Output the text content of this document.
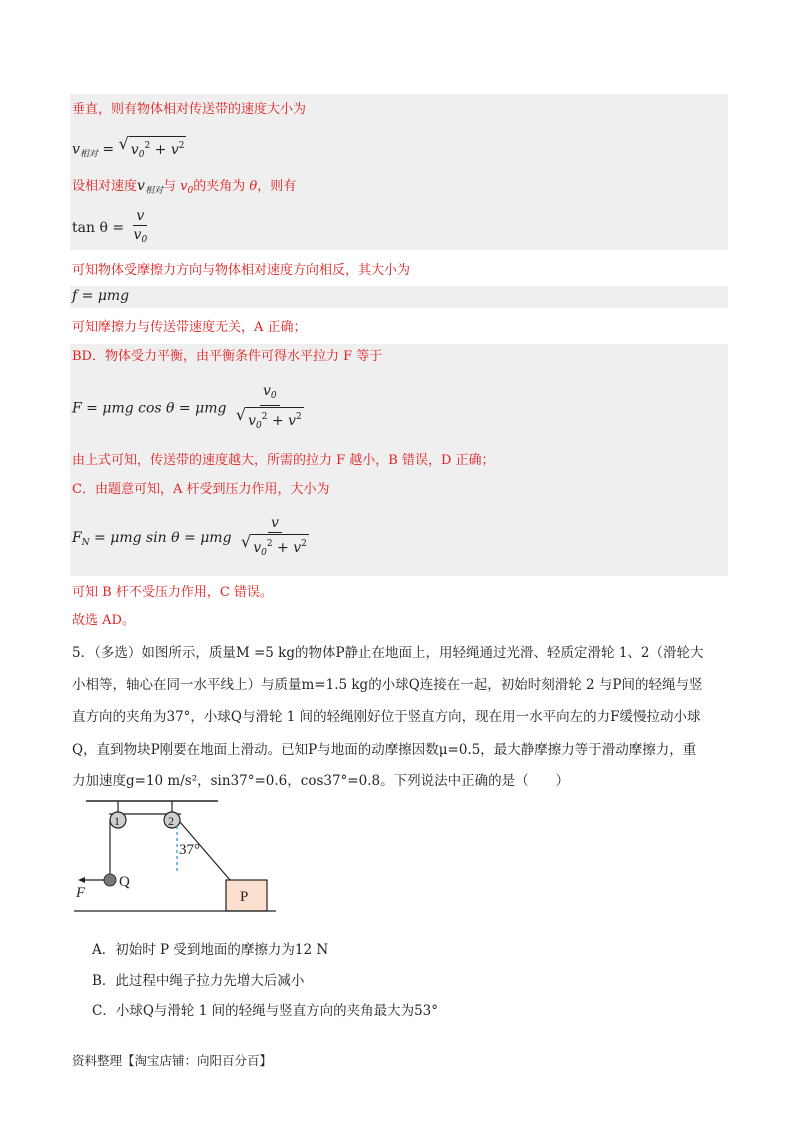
垂直，则有物体相对传送带的速度大小为
$v_{相对}$ = √ $v_0^2 + v^2$
设相对速度$v_{相对}$与 $v_0$的夹角为 θ，则有
$\tan \theta = \frac{v}{v_0}$
可知物体受摩擦力方向与物体相对速度方向相反，其大小为
f = μmg
可知摩擦力与传送带速度无关，A 正确；
BD．物体受力平衡，由平衡条件可得水平拉力 F 等于
F = μmg cos θ = μmg $\frac{v_0}{√ v_0^2 + v^2}$
由上式可知，传送带的速度越大，所需的拉力 F 越小，B 错误，D 正确；
C．由题意可知，A 杆受到压力作用，大小为
$F_N = \mu mg$ sin θ = μmg $\frac{v}{√ v_0^2 + v^2}$
可知 B 杆不受压力作用，C 错误。
故选 AD。
5．（多选）如图所示，质量M =5 kg的物体P静止在地面上，用轻绳通过光滑、轻质定滑轮 1、2（滑轮大
小相等，轴心在同一水平线上）与质量m=1.5 kg的小球Q连接在一起，初始时刻滑轮 2 与P间的轻绳与竖
直方向的夹角为37°，小球Q与滑轮 1 间的轻绳刚好位于竖直方向，现在用一水平向左的力F缓慢拉动小球
Q，直到物块P刚要在地面上滑动。已知P与地面的动摩擦因数μ=0.5，最大静摩擦力等于滑动摩擦力，重
力加速度g=10 m/s²，sin37°=0.6，cos37°=0.8。下列说法中正确的是（　　）
1	2
37°
Q
F	P
A．初始时 P 受到地面的摩擦力为12 N
B．此过程中绳子拉力先增大后减小
C．小球Q与滑轮 1 间的轻绳与竖直方向的夹角最大为53°
资料整理【淘宝店铺：向阳百分百】
